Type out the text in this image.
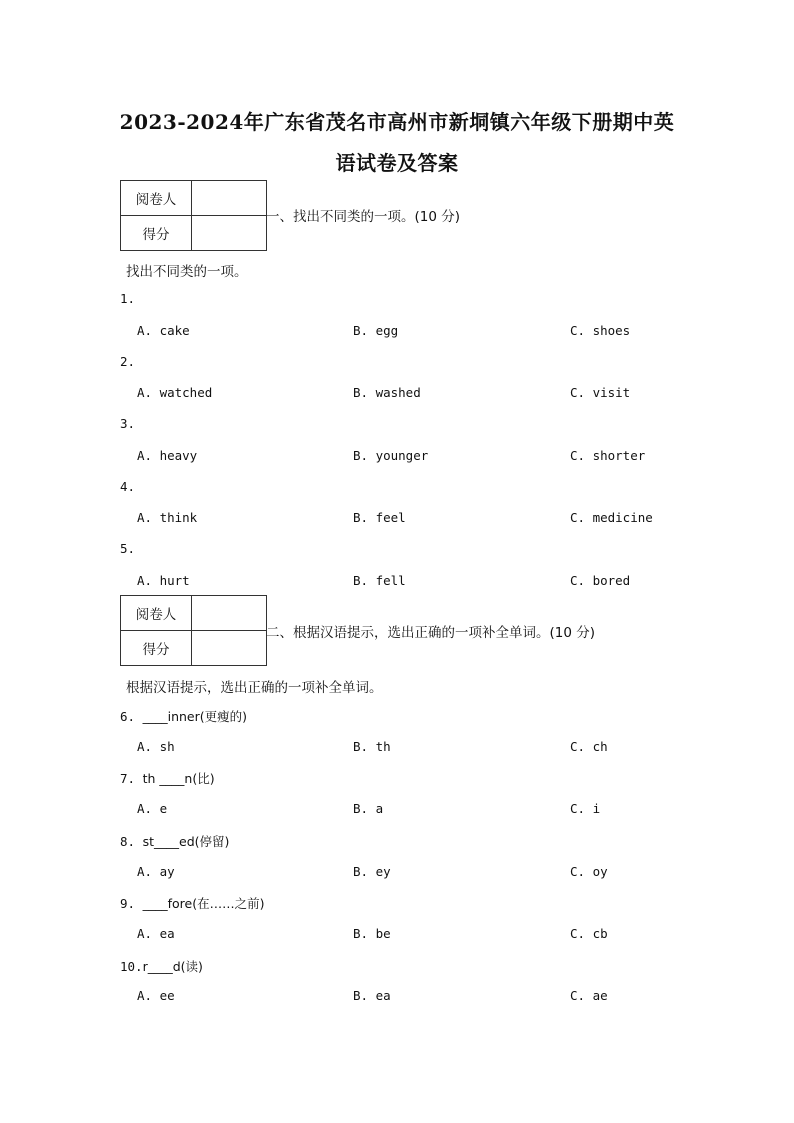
2023-2024年广东省茂名市高州市新垌镇六年级下册期中英
语试卷及答案
阅卷人	
得分	
一、找出不同类的一项。(10 分)
找出不同类的一项。
1.
A. cake	B. egg	C. shoes
2.
A. watched	B. washed	C. visit
3.
A. heavy	B. younger	C. shorter
4.
A. think	B. feel	C. medicine
5.
A. hurt	B. fell	C. bored
阅卷人	
得分	
二、根据汉语提示，选出正确的一项补全单词。(10 分)
根据汉语提示，选出正确的一项补全单词。
6. ____inner(更瘦的)
A. sh	B. th	C. ch
7. th ____n(比)
A. e	B. a	C. i
8. st____ed(停留)
A. ay	B. ey	C. oy
9. ____fore(在……之前)
A. ea	B. be	C. cb
10.r____d(读)
A. ee	B. ea	C. ae
